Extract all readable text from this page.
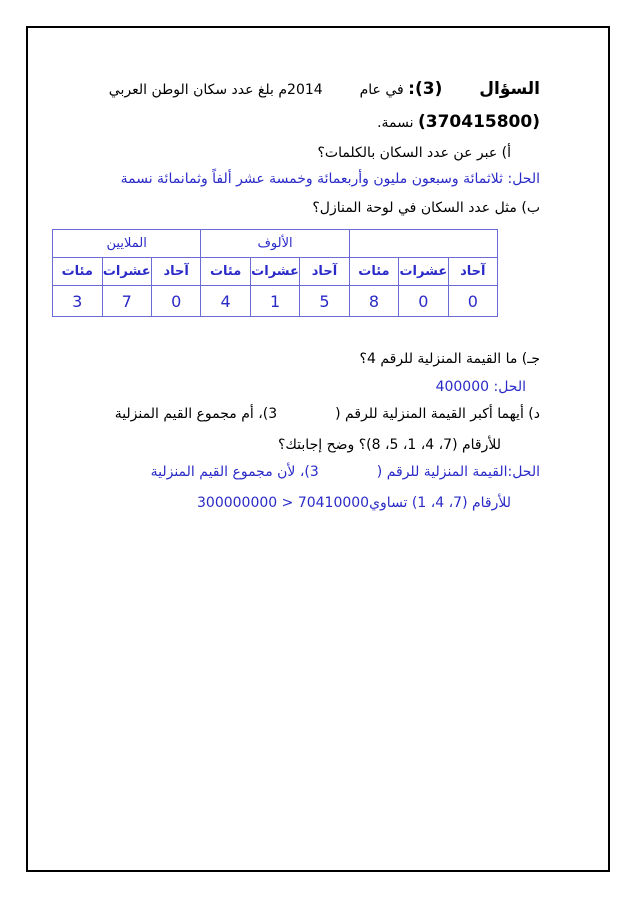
السؤال  (3): في عام  2014م بلغ عدد سكان الوطن العربي
(370415800) نسمة.
أ) عبر عن عدد السكان بالكلمات؟
الحل: ثلاثمائة وسبعون مليون وأربعمائة وخمسة عشر ألفاً وثمانمائة نسمة
ب) مثل عدد السكان في لوحة المنازل؟
			الألوف			الملايين		
آحاد	عشرات	مئات	آحاد	عشرات	مئات	آحاد	عشرات	مئات
0	0	8	5	1	4	0	7	3
جـ) ما القيمة المنزلية للرقم 4؟
الحل: 400000
د) أيهما أكبر القيمة المنزلية للرقم (3)، أم مجموع القيم المنزلية
للأرقام (7، 4، 1، 5، 8)؟ وضح إجابتك؟
الحل:القيمة المنزلية للرقم (3)، لأن مجموع القيم المنزلية
للأرقام (7، 4، 1) تساوي70410000 < 300000000
